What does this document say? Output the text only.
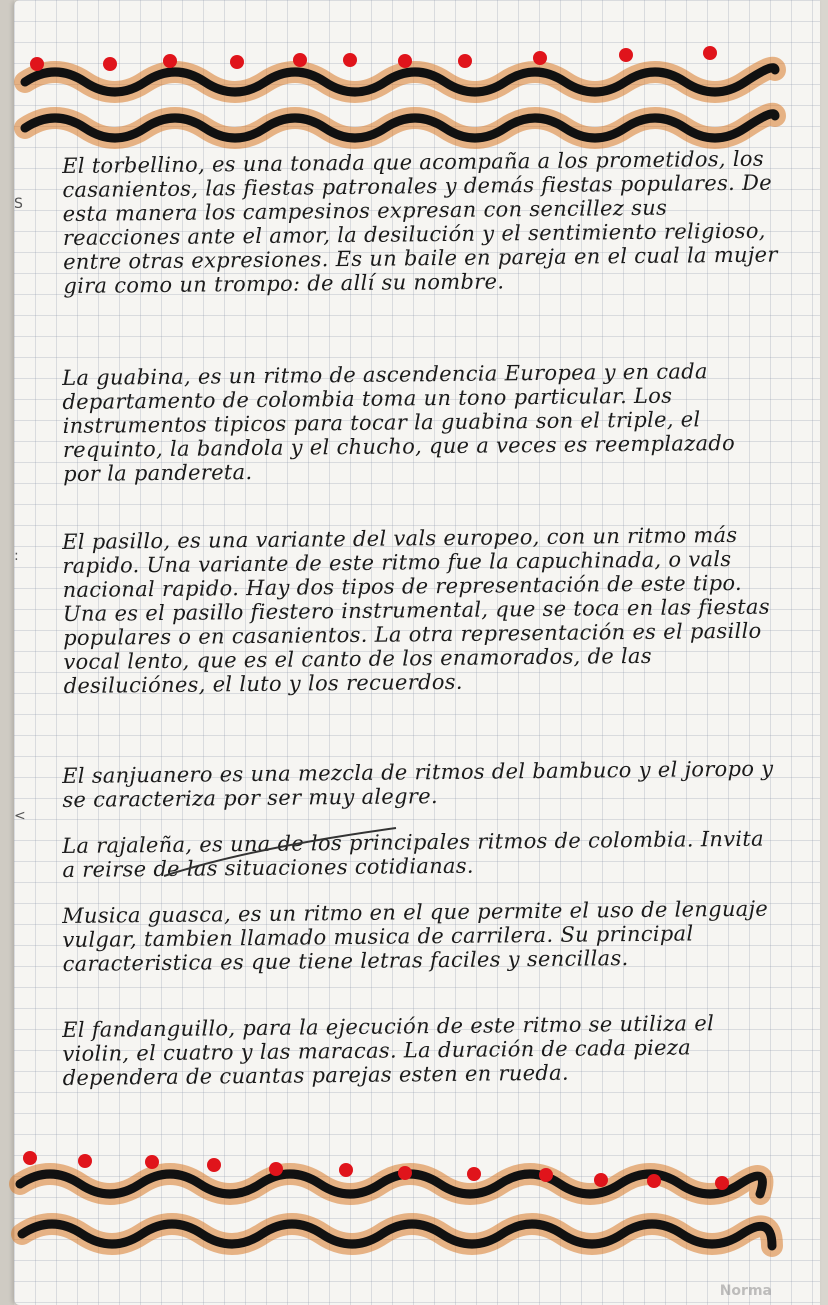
S
:
<
El torbellino, es una tonada que acompaña a los prometidos, los casanientos, las fiestas patronales y demás fiestas populares. De esta manera los campesinos expresan con sencillez sus reacciones ante el amor, la desilución y el sentimiento religioso, entre otras expresiones. Es un baile en pareja en el cual la mujer gira como un trompo: de allí su nombre.
La guabina, es un ritmo de ascendencia Europea y en cada departamento de colombia toma un tono particular. Los instrumentos tipicos para tocar la guabina son el triple, el requinto, la bandola y el chucho, que a veces es reemplazado por la pandereta.
El pasillo, es una variante del vals europeo, con un ritmo más rapido. Una variante de este ritmo fue la capuchinada, o vals nacional rapido. Hay dos tipos de representación de este tipo. Una es el pasillo fiestero instrumental, que se toca en las fiestas populares o en casanientos. La otra representación es el pasillo vocal lento, que es el canto de los enamorados, de las desiluciónes, el luto y los recuerdos.
El sanjuanero es una mezcla de ritmos del bambuco y el joropo y se caracteriza por ser muy alegre.
La rajaleña, es una de los principales ritmos de colombia. Invita a reirse de las situaciones cotidianas.
Musica guasca, es un ritmo en el que permite el uso de lenguaje vulgar, tambien llamado musica de carrilera. Su principal caracteristica es que tiene letras faciles y sencillas.
El fandanguillo, para la ejecución de este ritmo se utiliza el violin, el cuatro y las maracas. La duración de cada pieza dependera de cuantas parejas esten en rueda.
Norma
